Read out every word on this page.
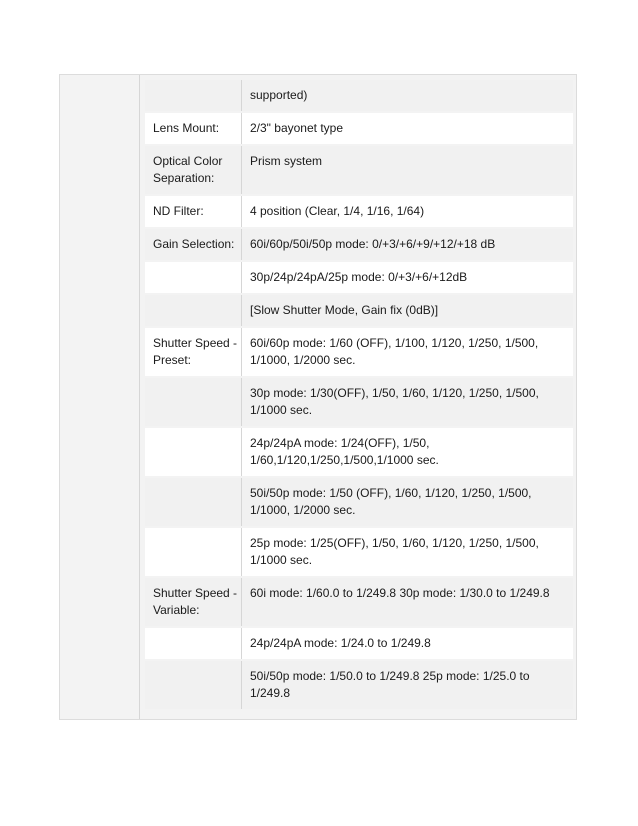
	supported)
Lens Mount:	2/3" bayonet type
Optical Color Separation:	Prism system
ND Filter:	4 position (Clear, 1/4, 1/16, 1/64)
Gain Selection:	60i/60p/50i/50p mode: 0/+3/+6/+9/+12/+18 dB
	30p/24p/24pA/25p mode: 0/+3/+6/+12dB
	[Slow Shutter Mode, Gain fix (0dB)]
Shutter Speed - Preset:	60i/60p mode: 1/60 (OFF), 1/100, 1/120, 1/250, 1/500, 1/1000, 1/2000 sec.
	30p mode: 1/30(OFF), 1/50, 1/60, 1/120, 1/250, 1/500, 1/1000 sec.
	24p/24pA mode: 1/24(OFF), 1/50, 1/60,1/120,1/250,1/500,1/1000 sec.
	50i/50p mode: 1/50 (OFF), 1/60, 1/120, 1/250, 1/500, 1/1000, 1/2000 sec.
	25p mode: 1/25(OFF), 1/50, 1/60, 1/120, 1/250, 1/500, 1/1000 sec.
Shutter Speed - Variable:	60i mode: 1/60.0 to 1/249.8 30p mode: 1/30.0 to 1/249.8
	24p/24pA mode: 1/24.0 to 1/249.8
	50i/50p mode: 1/50.0 to 1/249.8 25p mode: 1/25.0 to 1/249.8
